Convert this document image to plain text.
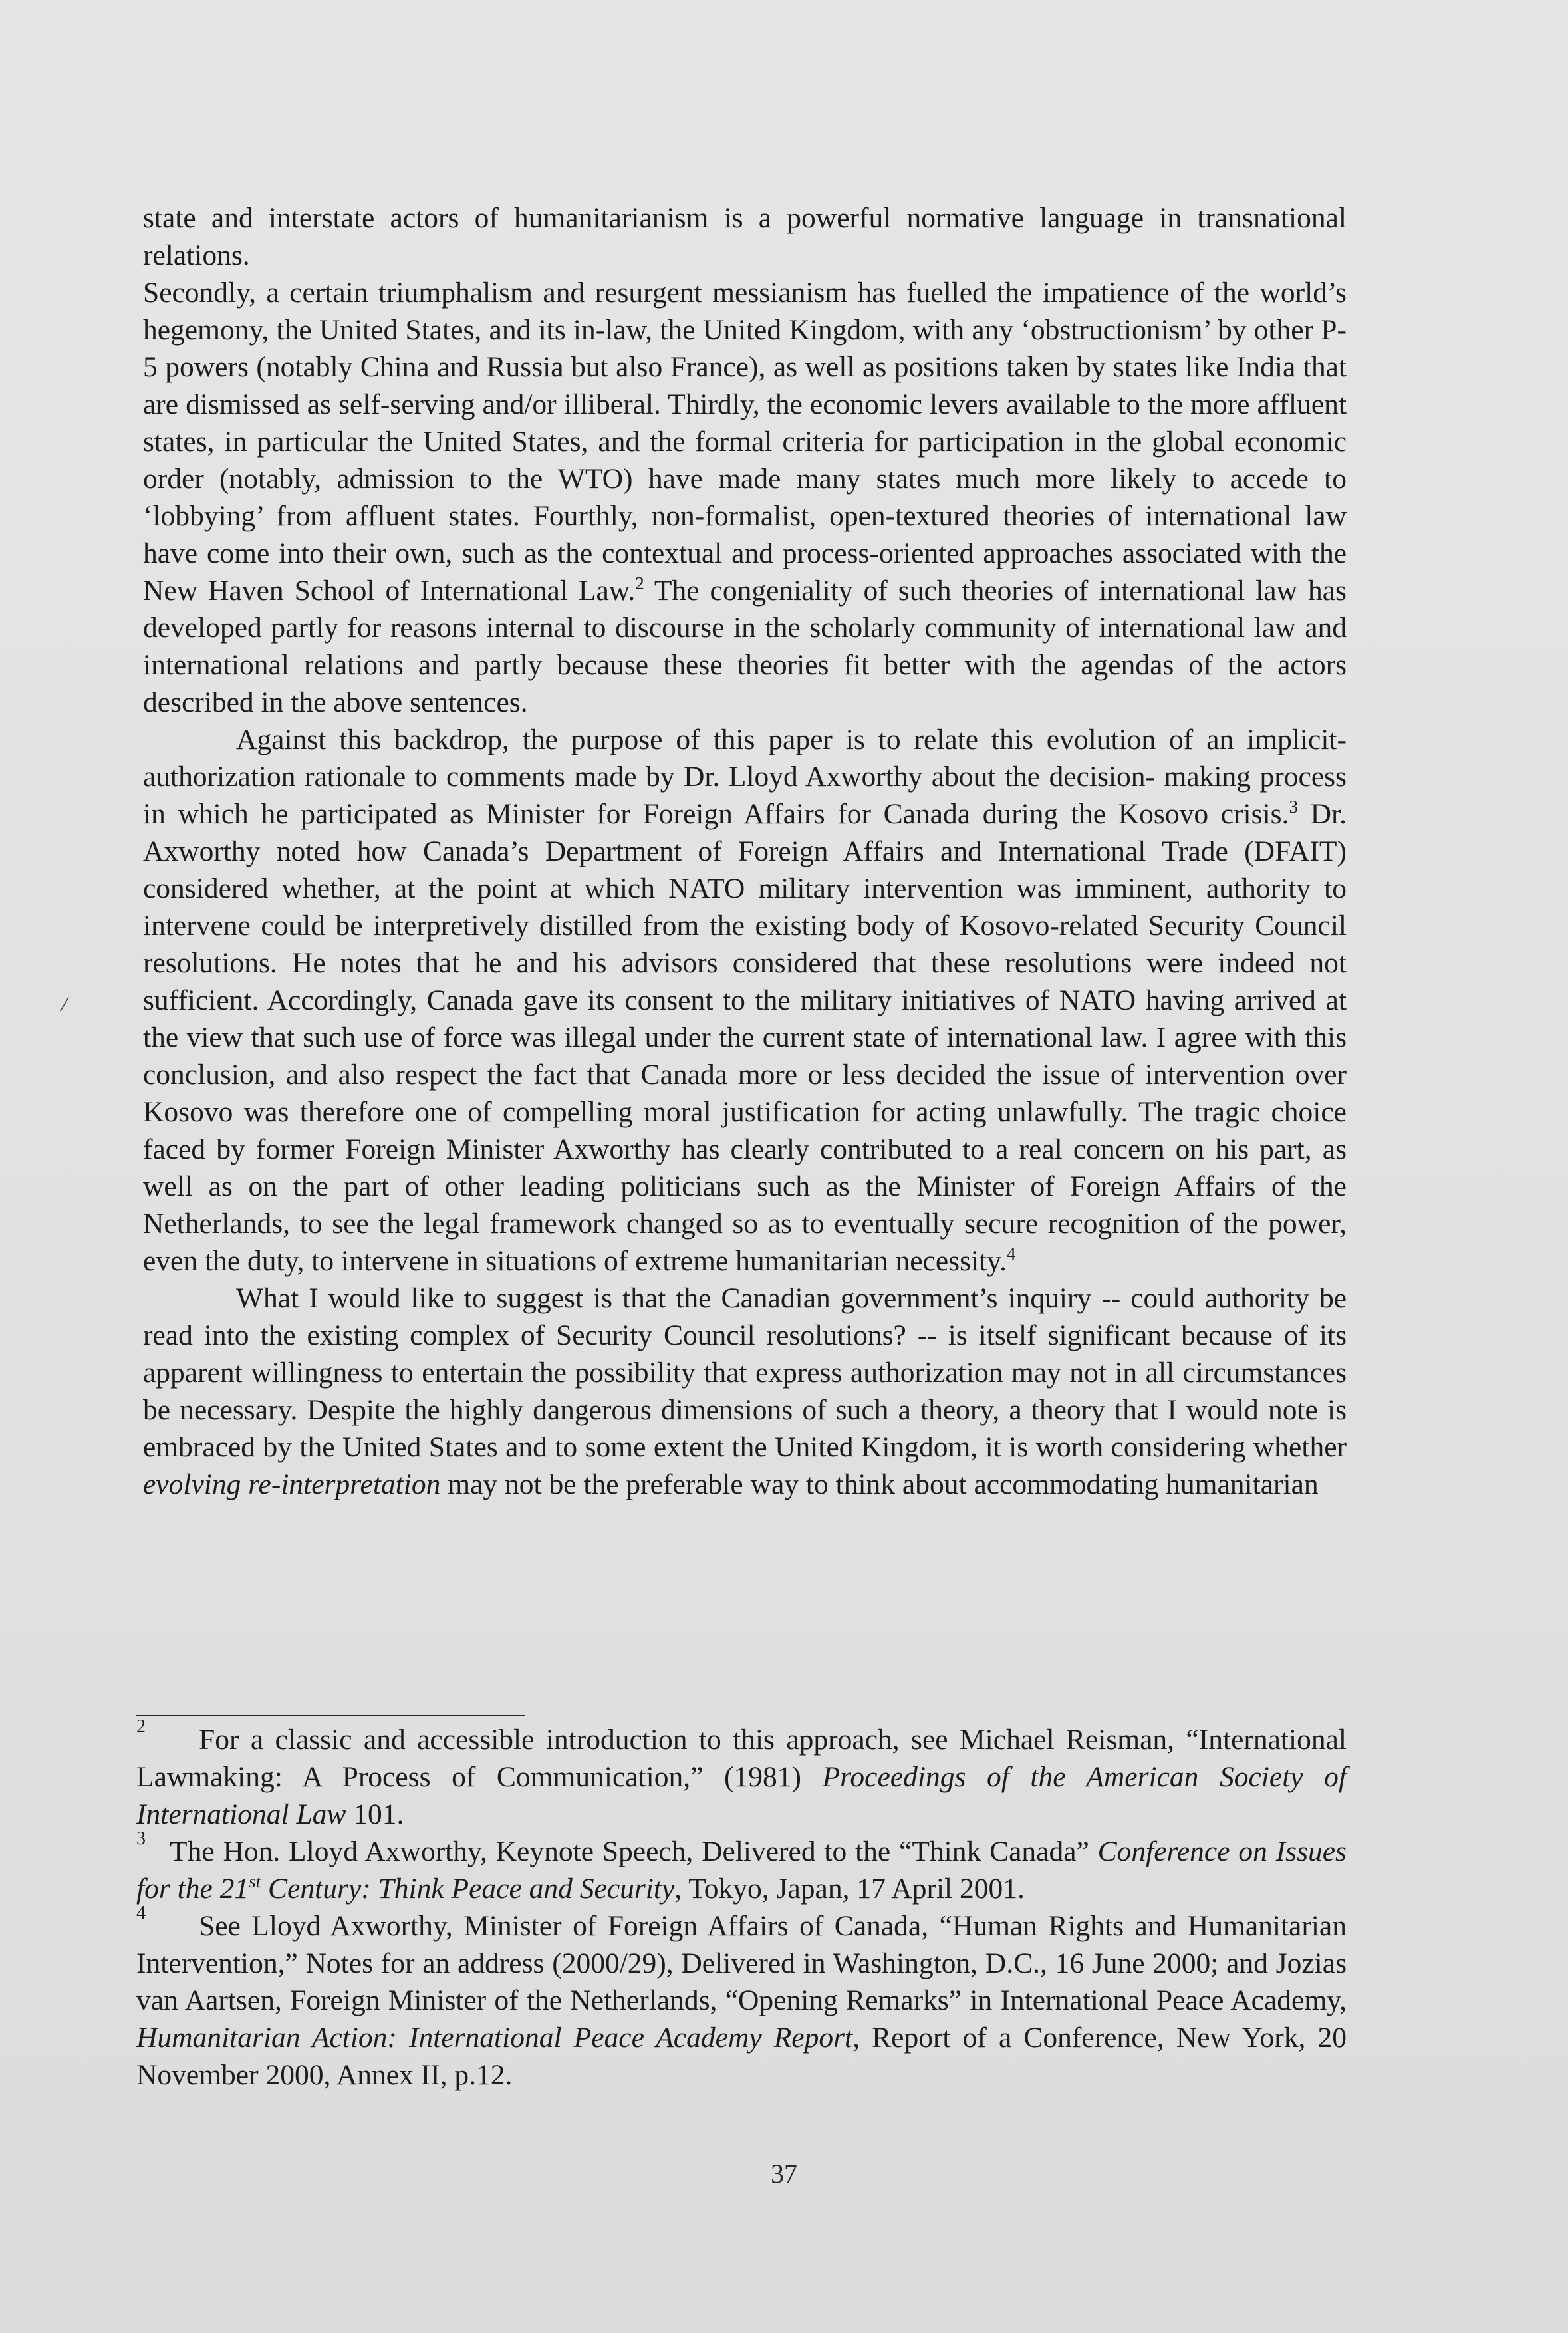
/

state and interstate actors of humanitarianism is a powerful normative language in transnational relations.

Secondly, a certain triumphalism and resurgent messianism has fuelled the impatience of the world’s hegemony, the United States, and its in-law, the United Kingdom, with any ‘obstructionism’ by other P-5 powers (notably China and Russia but also France), as well as positions taken by states like India that are dismissed as self-serving and/or illiberal. Thirdly, the economic levers available to the more affluent states, in particular the United States, and the formal criteria for participation in the global economic order (notably, admission to the WTO) have made many states much more likely to accede to ‘lobbying’ from affluent states. Fourthly, non-formalist, open-textured theories of international law have come into their own, such as the contextual and process-oriented approaches associated with the New Haven School of International Law.$^2$ The congeniality of such theories of international law has developed partly for reasons internal to discourse in the scholarly community of international law and international relations and partly because these theories fit better with the agendas of the actors described in the above sentences.

Against this backdrop, the purpose of this paper is to relate this evolution of an implicit-authorization rationale to comments made by Dr. Lloyd Axworthy about the decision- making process in which he participated as Minister for Foreign Affairs for Canada during the Kosovo crisis.$^3$ Dr. Axworthy noted how Canada’s Department of Foreign Affairs and International Trade (DFAIT) considered whether, at the point at which NATO military intervention was imminent, authority to intervene could be interpretively distilled from the existing body of Kosovo-related Security Council resolutions. He notes that he and his advisors considered that these resolutions were indeed not sufficient. Accordingly, Canada gave its consent to the military initiatives of NATO having arrived at the view that such use of force was illegal under the current state of international law. I agree with this conclusion, and also respect the fact that Canada more or less decided the issue of intervention over Kosovo was therefore one of compelling moral justification for acting unlawfully. The tragic choice faced by former Foreign Minister Axworthy has clearly contributed to a real concern on his part, as well as on the part of other leading politicians such as the Minister of Foreign Affairs of the Netherlands, to see the legal framework changed so as to eventually secure recognition of the power, even the duty, to intervene in situations of extreme humanitarian necessity.$^4$

What I would like to suggest is that the Canadian government’s inquiry -- could authority be read into the existing complex of Security Council resolutions? -- is itself significant because of its apparent willingness to entertain the possibility that express authorization may not in all circumstances be necessary. Despite the highly dangerous dimensions of such a theory, a theory that I would note is embraced by the United States and to some extent the United Kingdom, it is worth considering whether evolving re-interpretation may not be the preferable way to think about accommodating humanitarian

2 For a classic and accessible introduction to this approach, see Michael Reisman, “International Lawmaking: A Process of Communication,” (1981) Proceedings of the American Society of International Law 101.

3 The Hon. Lloyd Axworthy, Keynote Speech, Delivered to the “Think Canada” Conference on Issues for the 21st Century: Think Peace and Security, Tokyo, Japan, 17 April 2001.

4 See Lloyd Axworthy, Minister of Foreign Affairs of Canada, “Human Rights and Humanitarian Intervention,” Notes for an address (2000/29), Delivered in Washington, D.C., 16 June 2000; and Jozias van Aartsen, Foreign Minister of the Netherlands, “Opening Remarks” in International Peace Academy, Humanitarian Action: International Peace Academy Report, Report of a Conference, New York, 20 November 2000, Annex II, p.12.

37
